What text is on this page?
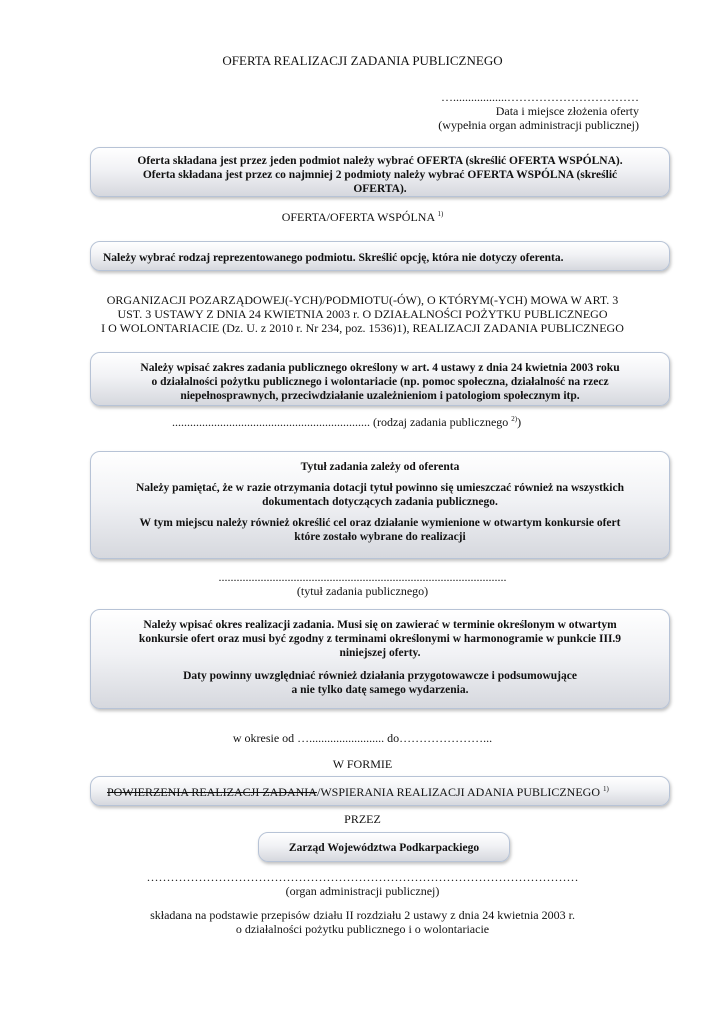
OFERTA REALIZACJI ZADANIA PUBLICZNEGO
…..................……………………………
Data i miejsce złożenia oferty
(wypełnia organ administracji publicznej)
Oferta składana jest przez jeden podmiot należy wybrać OFERTA (skreślić OFERTA WSPÓLNA).
Oferta składana jest przez co najmniej 2 podmioty należy wybrać OFERTA WSPÓLNA (skreślić
OFERTA).
OFERTA/OFERTA WSPÓLNA $^{1)}$
Należy wybrać rodzaj reprezentowanego podmiotu. Skreślić opcję, która nie dotyczy oferenta.
ORGANIZACJI POZARZĄDOWEJ(-YCH)/PODMIOTU(-ÓW), O KTÓRYM(-YCH) MOWA W ART. 3
UST. 3 USTAWY Z DNIA 24 KWIETNIA 2003 r. O DZIAŁALNOŚCI POŻYTKU PUBLICZNEGO
I O WOLONTARIACIE (Dz. U. z 2010 r. Nr 234, poz. 1536)1), REALIZACJI ZADANIA PUBLICZNEGO
Należy wpisać zakres zadania publicznego określony w art. 4 ustawy z dnia 24 kwietnia 2003 roku
o działalności pożytku publicznego i wolontariacie (np. pomoc społeczna, działalność na rzecz
niepełnosprawnych, przeciwdziałanie uzależnieniom i patologiom społecznym itp.
.................................................................. (rodzaj zadania publicznego $^{2)}$)
Tytuł zadania zależy od oferenta
Należy pamiętać, że w razie otrzymania dotacji tytuł powinno się umieszczać również na wszystkich
dokumentach dotyczących zadania publicznego.
W tym miejscu należy również określić cel oraz działanie wymienione w otwartym konkursie ofert
które zostało wybrane do realizacji
................................................................................................
(tytuł zadania publicznego)
Należy wpisać okres realizacji zadania. Musi się on zawierać w terminie określonym w otwartym
konkursie ofert oraz musi być zgodny z terminami określonymi w harmonogramie w punkcie III.9
niniejszej oferty.
Daty powinny uwzględniać również działania przygotowawcze i podsumowujące
a nie tylko datę samego wydarzenia.
w okresie od …......................... do…………………...
W FORMIE
POWIERZENIA REALIZACJI ZADANIA/WSPIERANIA REALIZACJI ADANIA PUBLICZNEGO $^{1)}$
PRZEZ
Zarząd Województwa Podkarpackiego
………………………………………………………………………………………………
(organ administracji publicznej)
składana na podstawie przepisów działu II rozdziału 2 ustawy z dnia 24 kwietnia 2003 r.
o działalności pożytku publicznego i o wolontariacie
